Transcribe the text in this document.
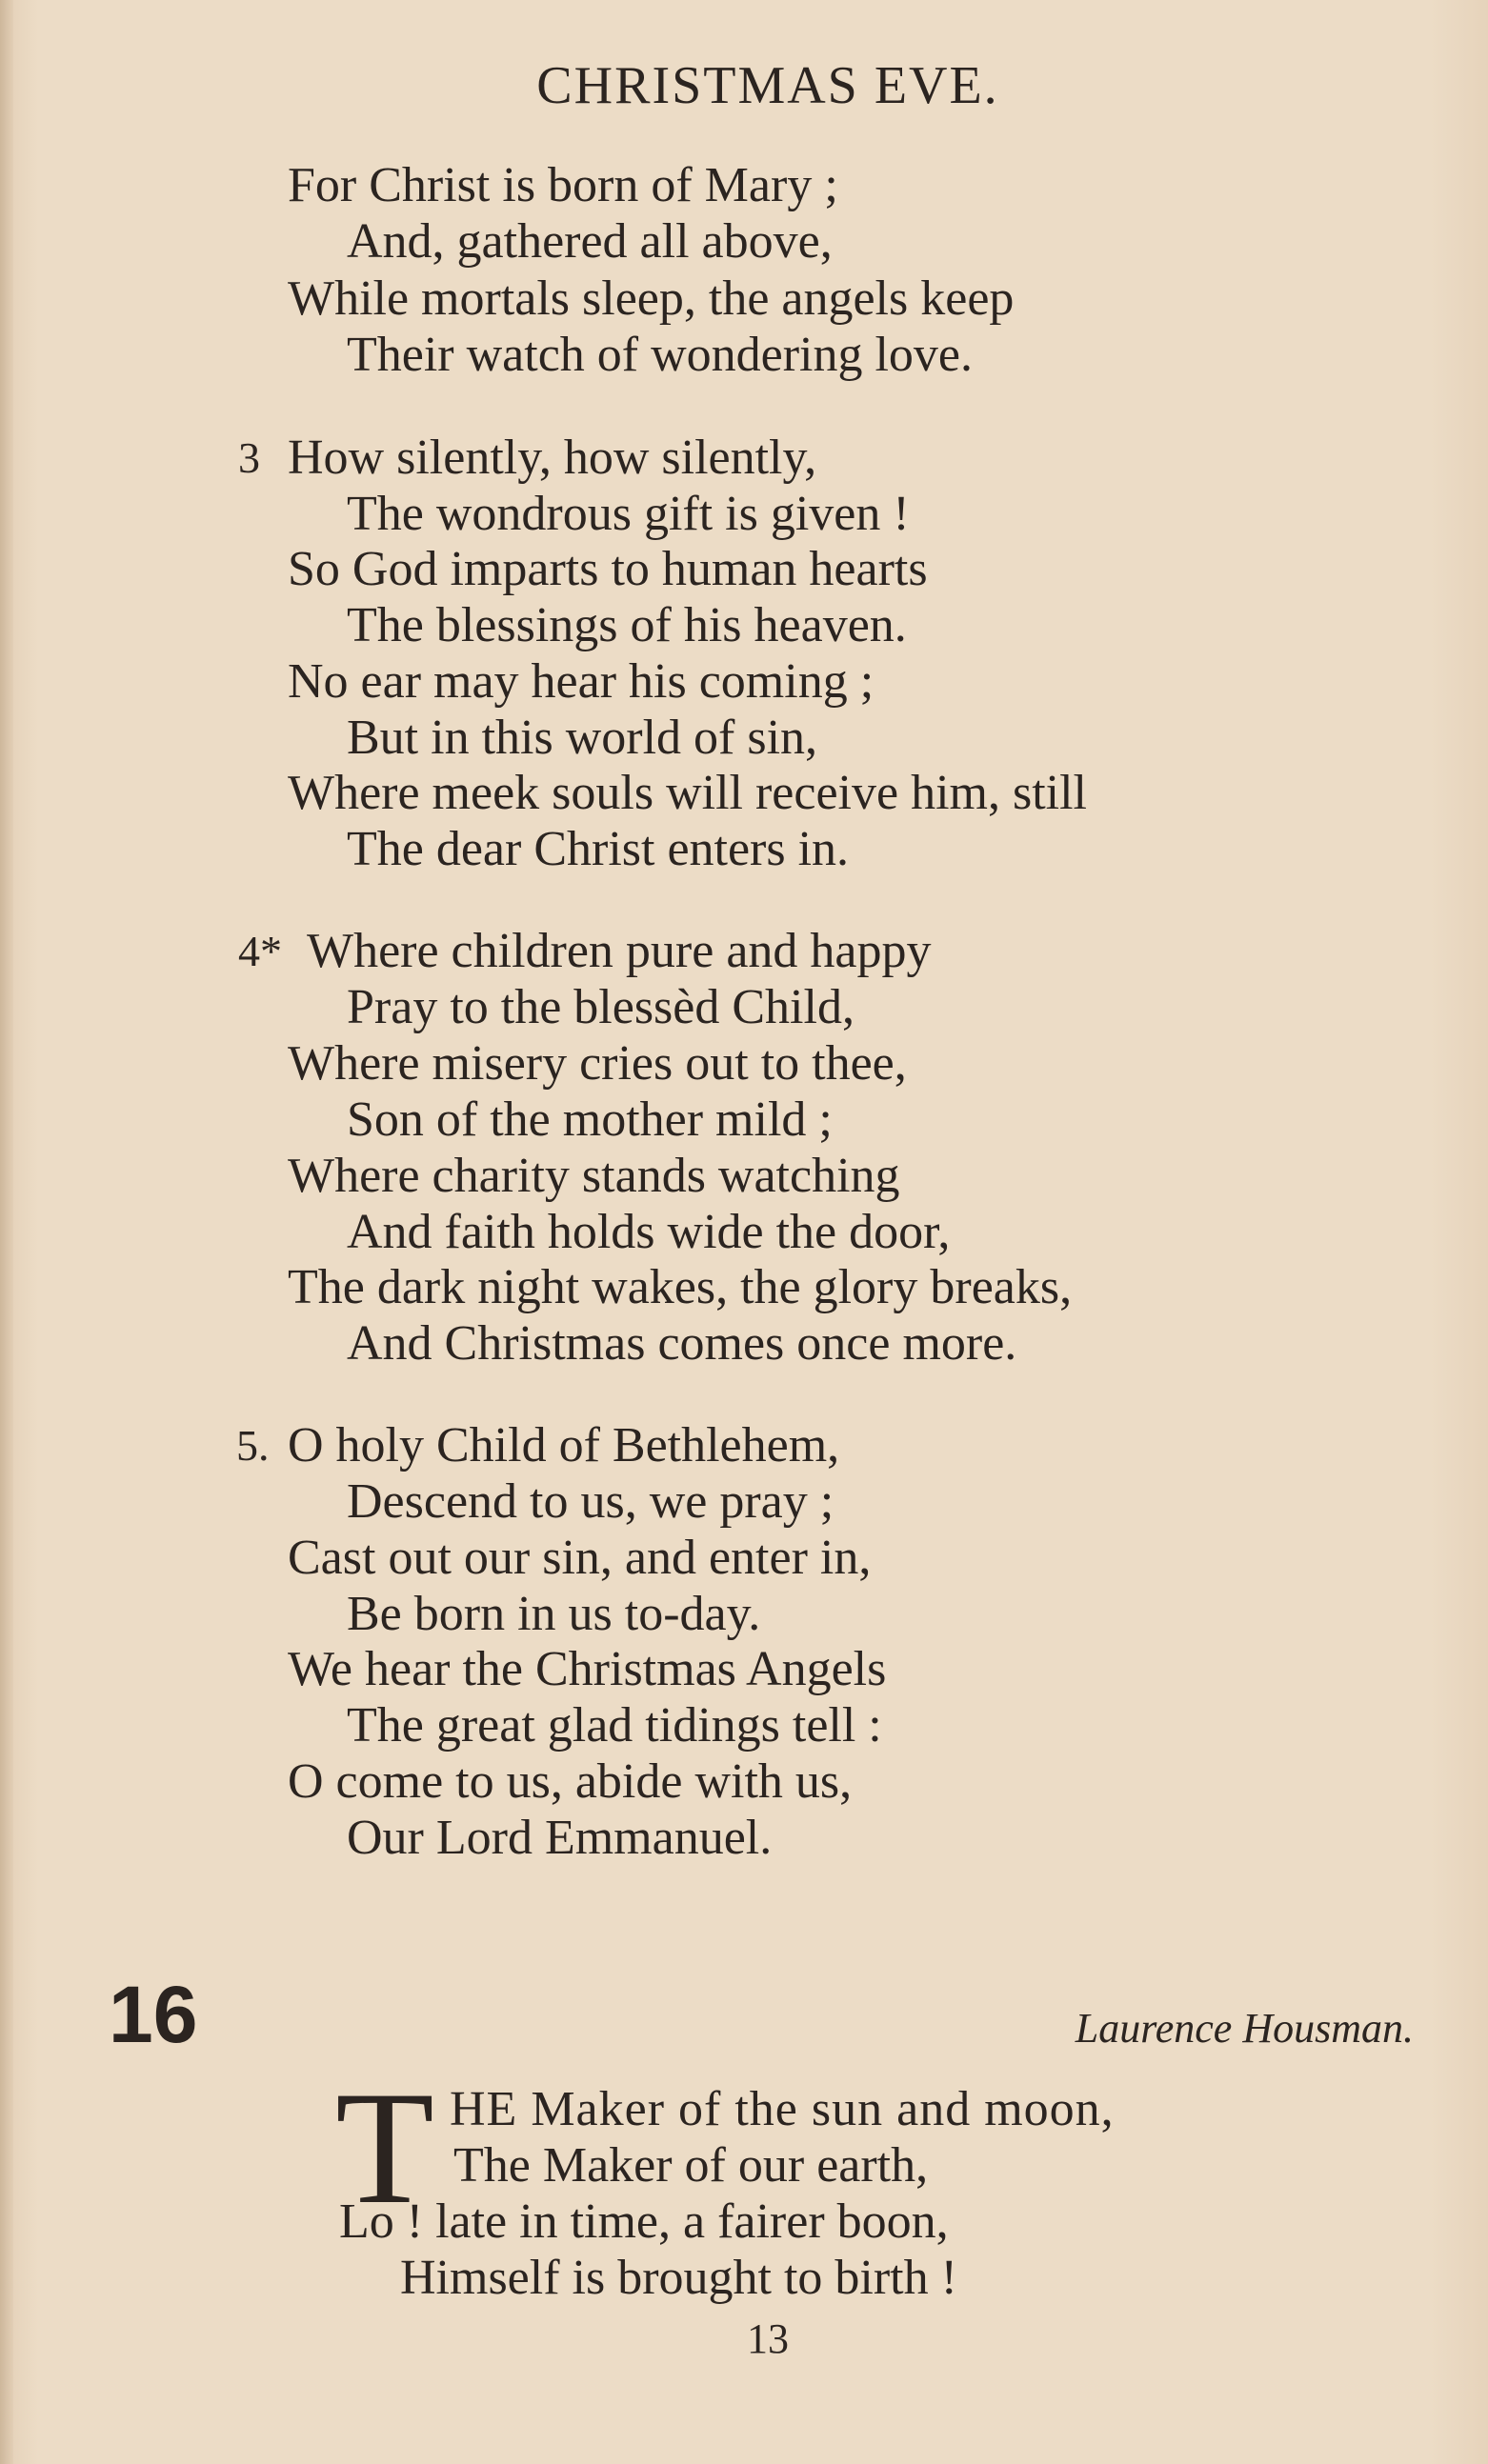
CHRISTMAS EVE.
For Christ is born of Mary ;
And, gathered all above,
While mortals sleep, the angels keep
Their watch of wondering love.
3 How silently, how silently,
The wondrous gift is given !
So God imparts to human hearts
The blessings of his heaven.
No ear may hear his coming ;
But in this world of sin,
Where meek souls will receive him, still
The dear Christ enters in.
4* Where children pure and happy
Pray to the blessèd Child,
Where misery cries out to thee,
Son of the mother mild ;
Where charity stands watching
And faith holds wide the door,
The dark night wakes, the glory breaks,
And Christmas comes once more.
5. O holy Child of Bethlehem,
Descend to us, we pray ;
Cast out our sin, and enter in,
Be born in us to-day.
We hear the Christmas Angels
The great glad tidings tell :
O come to us, abide with us,
Our Lord Emmanuel.
16	Laurence Housman.
T HE Maker of the sun and moon,
The Maker of our earth,
Lo ! late in time, a fairer boon,
Himself is brought to birth !
13
